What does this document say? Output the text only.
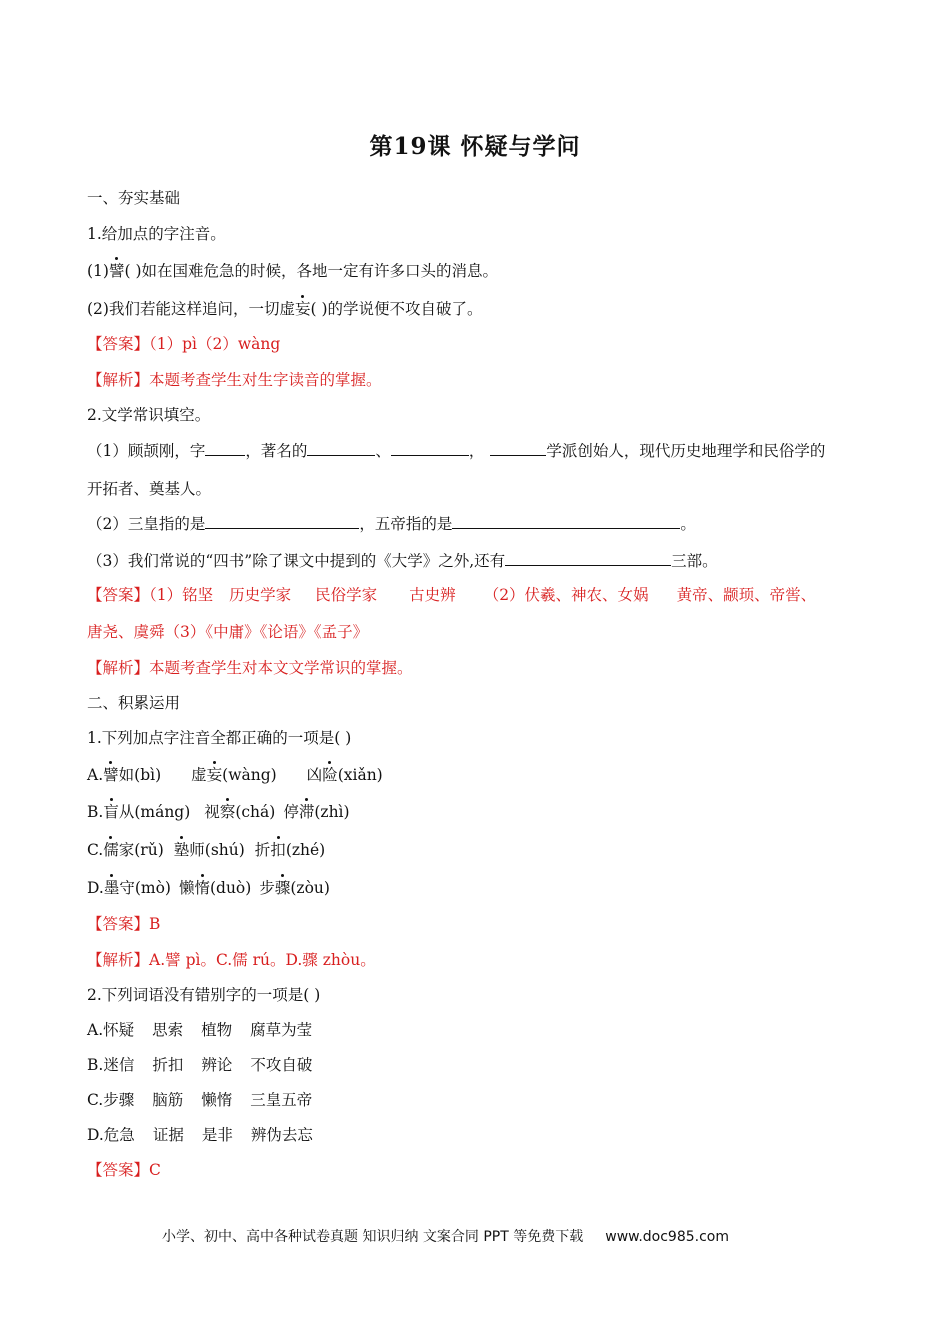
第19课 怀疑与学问
一、夯实基础
1.给加点的字注音。
(1)譬( )如在国难危急的时候，各地一定有许多口头的消息。
(2)我们若能这样追问，一切虚妄( )的学说便不攻自破了。
【答案】（1）pì（2）wàng
【解析】本题考查学生对生字读音的掌握。
2.文学常识填空。
（1）顾颉刚，字	，著名的	、	，	学派创始人，现代历史地理学和民俗学的
开拓者、奠基人。
（2）三皇指的是	，五帝指的是	。
（3）我们常说的“四书”除了课文中提到的《大学》之外,还有	三部。
【答案】（1）铭坚 历史学家 民俗学家 古史辨 （2）伏羲、神农、女娲 黄帝、颛顼、帝喾、
唐尧、虞舜（3）《中庸》《论语》《孟子》
【解析】本题考查学生对本文文学常识的掌握。
二、积累运用
1.下列加点字注音全都正确的一项是( )
A.譬如(bì) 虚妄(wàng) 凶险(xiǎn)
B.盲从(máng) 视察(chá) 停滞(zhì)
C.儒家(rǔ) 塾师(shú) 折扣(zhé)
D.墨守(mò) 懒惰(duò) 步骤(zòu)
【答案】B
【解析】A.譬 pì。C.儒 rú。D.骤 zhòu。
2.下列词语没有错别字的一项是( )
A.怀疑 思索 植物 腐草为莹
B.迷信 折扣 辨论 不攻自破
C.步骤 脑筋 懒惰 三皇五帝
D.危急 证据 是非 辨伪去忘
【答案】C
小学、初中、高中各种试卷真题 知识归纳 文案合同 PPT 等免费下载 www.doc985.com
